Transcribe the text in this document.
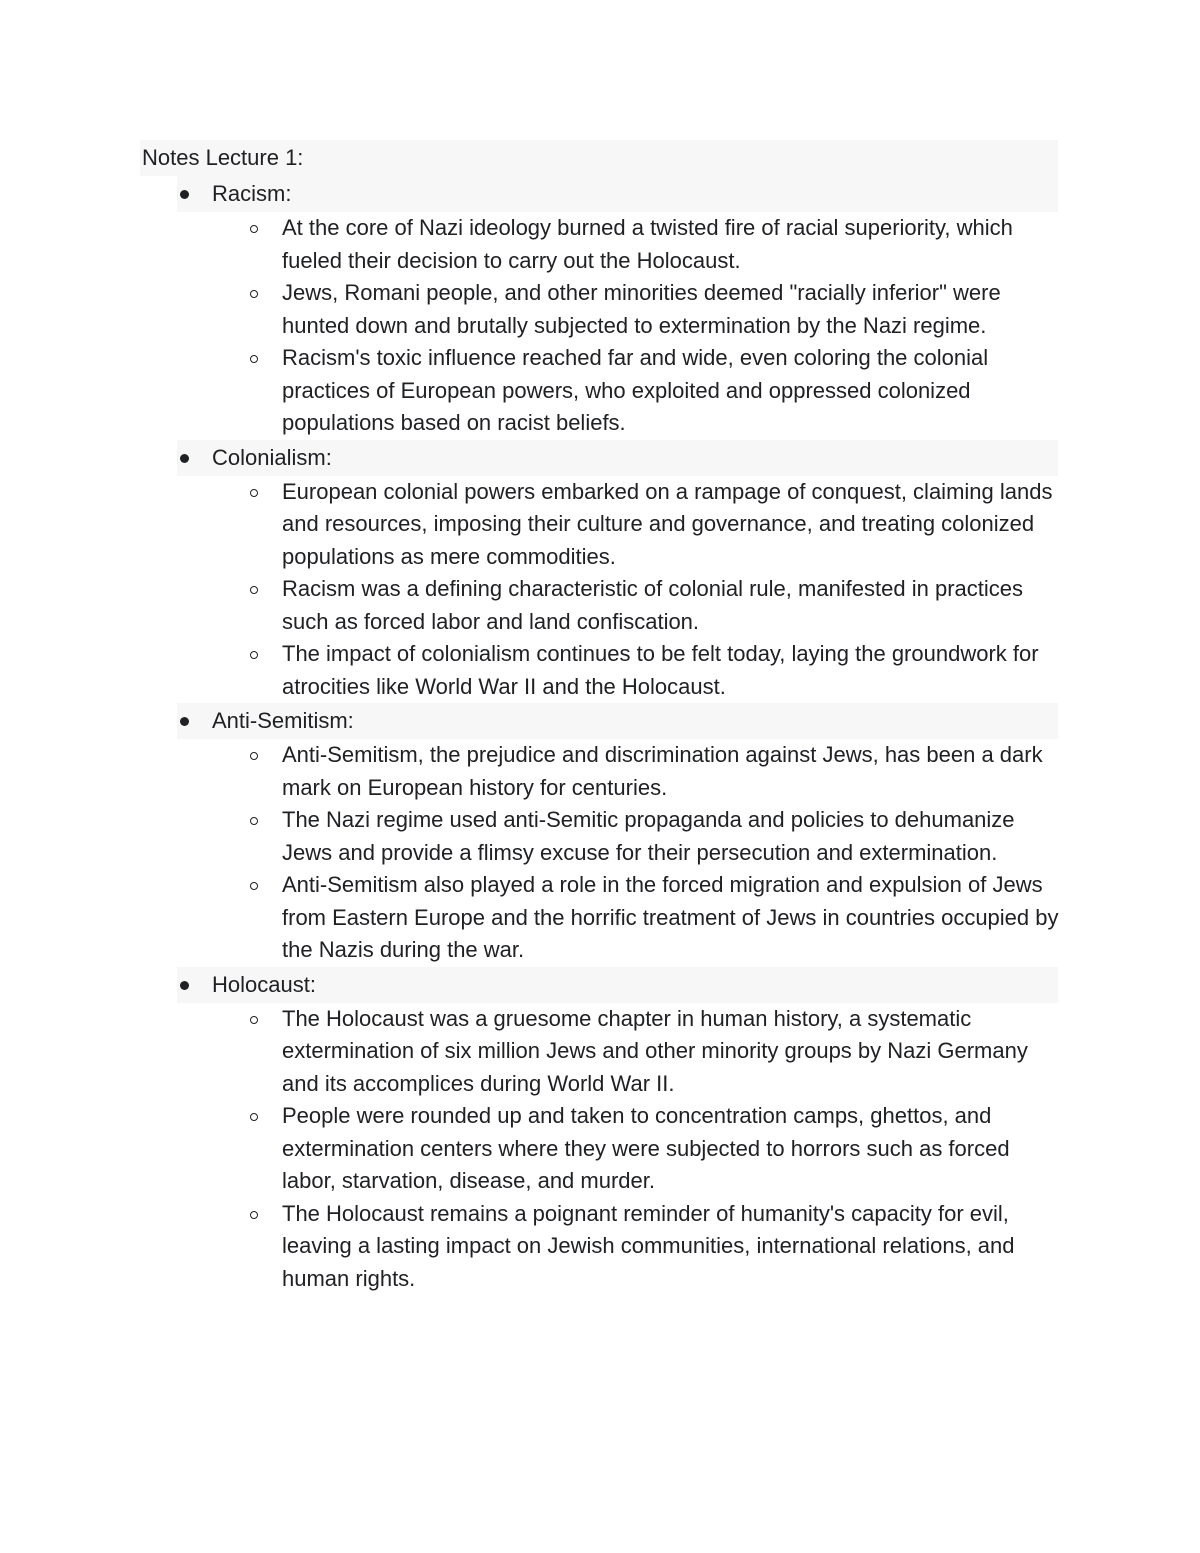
Notes Lecture 1:
Racism:
At the core of Nazi ideology burned a twisted fire of racial superiority, which fueled their decision to carry out the Holocaust.
Jews, Romani people, and other minorities deemed "racially inferior" were hunted down and brutally subjected to extermination by the Nazi regime.
Racism's toxic influence reached far and wide, even coloring the colonial practices of European powers, who exploited and oppressed colonized populations based on racist beliefs.
Colonialism:
European colonial powers embarked on a rampage of conquest, claiming lands and resources, imposing their culture and governance, and treating colonized populations as mere commodities.
Racism was a defining characteristic of colonial rule, manifested in practices such as forced labor and land confiscation.
The impact of colonialism continues to be felt today, laying the groundwork for atrocities like World War II and the Holocaust.
Anti-Semitism:
Anti-Semitism, the prejudice and discrimination against Jews, has been a dark mark on European history for centuries.
The Nazi regime used anti-Semitic propaganda and policies to dehumanize Jews and provide a flimsy excuse for their persecution and extermination.
Anti-Semitism also played a role in the forced migration and expulsion of Jews from Eastern Europe and the horrific treatment of Jews in countries occupied by the Nazis during the war.
Holocaust:
The Holocaust was a gruesome chapter in human history, a systematic extermination of six million Jews and other minority groups by Nazi Germany and its accomplices during World War II.
People were rounded up and taken to concentration camps, ghettos, and extermination centers where they were subjected to horrors such as forced labor, starvation, disease, and murder.
The Holocaust remains a poignant reminder of humanity's capacity for evil, leaving a lasting impact on Jewish communities, international relations, and human rights.
